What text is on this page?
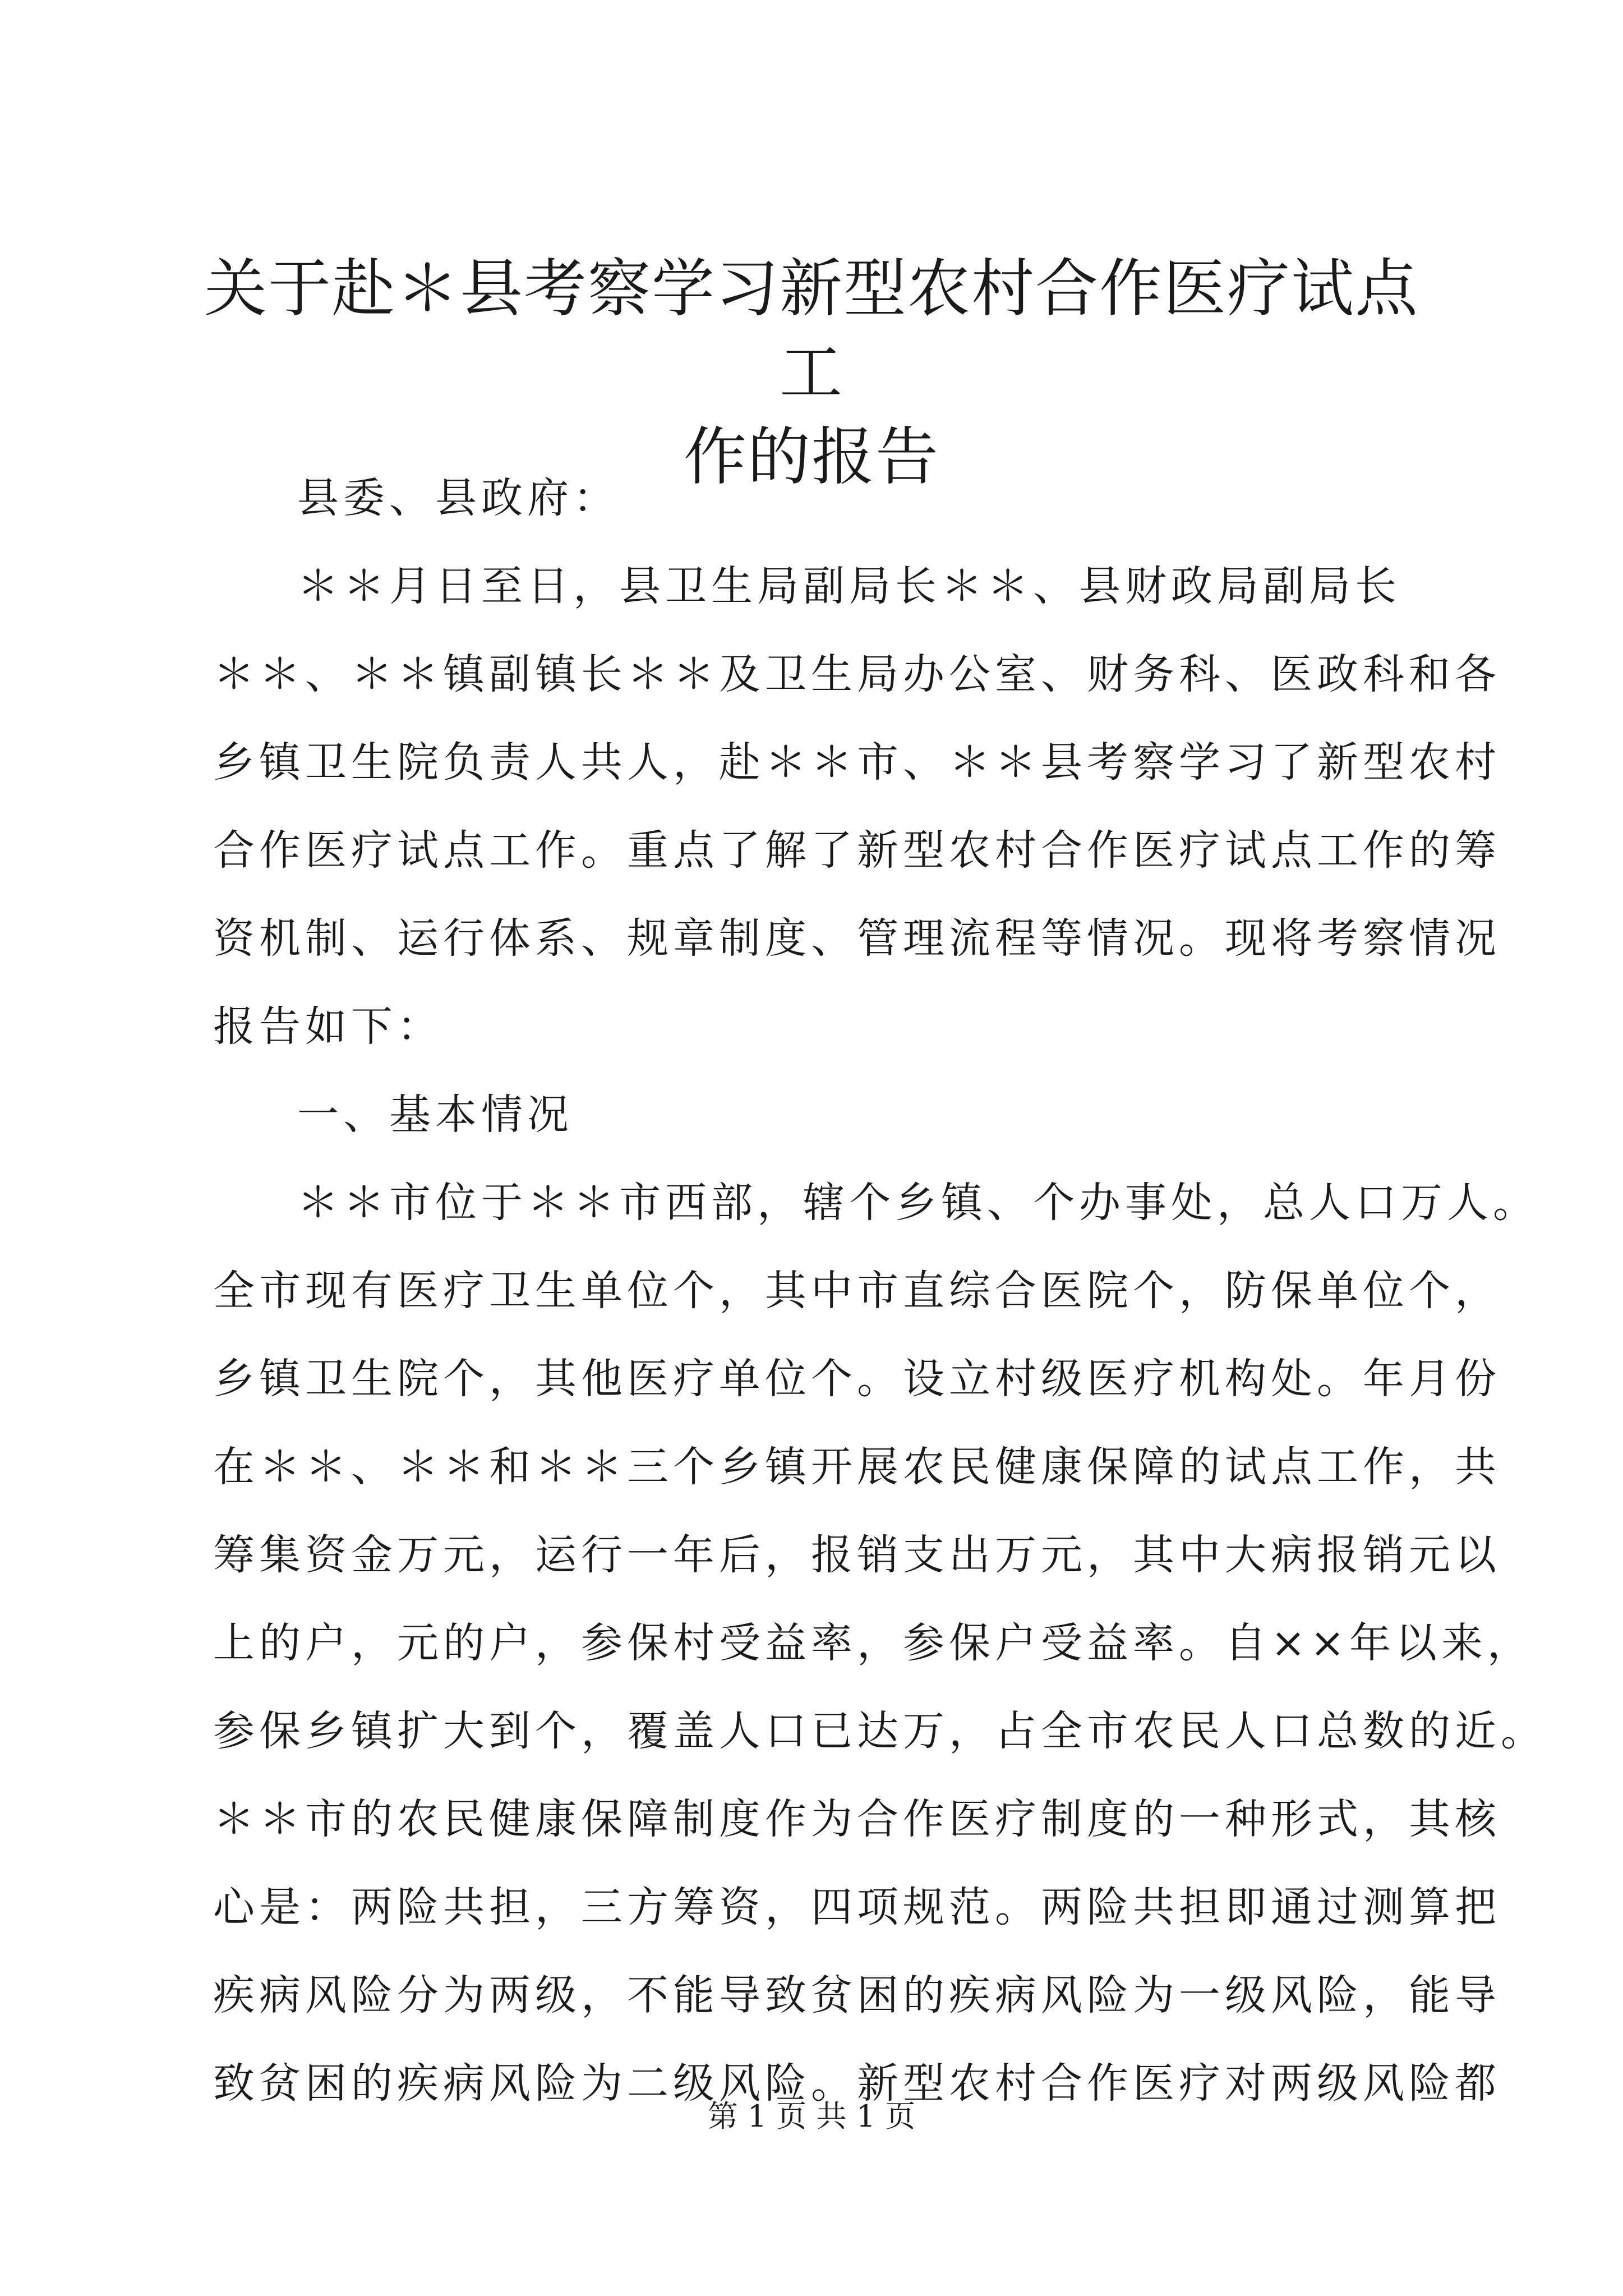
关于赴＊县考察学习新型农村合作医疗试点工
作的报告
县委、县政府：
＊＊月日至日，县卫生局副局长＊＊、县财政局副局长
＊＊、＊＊镇副镇长＊＊及卫生局办公室、财务科、医政科和各
乡镇卫生院负责人共人，赴＊＊市、＊＊县考察学习了新型农村
合作医疗试点工作。重点了解了新型农村合作医疗试点工作的筹
资机制、运行体系、规章制度、管理流程等情况。现将考察情况
报告如下：
一、基本情况
＊＊市位于＊＊市西部，辖个乡镇、个办事处，总人口万人。
全市现有医疗卫生单位个，其中市直综合医院个，防保单位个，
乡镇卫生院个，其他医疗单位个。设立村级医疗机构处。年月份
在＊＊、＊＊和＊＊三个乡镇开展农民健康保障的试点工作，共
筹集资金万元，运行一年后，报销支出万元，其中大病报销元以
上的户，元的户，参保村受益率，参保户受益率。自××年以来，
参保乡镇扩大到个，覆盖人口已达万，占全市农民人口总数的近。
＊＊市的农民健康保障制度作为合作医疗制度的一种形式，其核
心是：两险共担，三方筹资，四项规范。两险共担即通过测算把
疾病风险分为两级，不能导致贫困的疾病风险为一级风险，能导
致贫困的疾病风险为二级风险。新型农村合作医疗对两级风险都
第 1 页 共 1 页
